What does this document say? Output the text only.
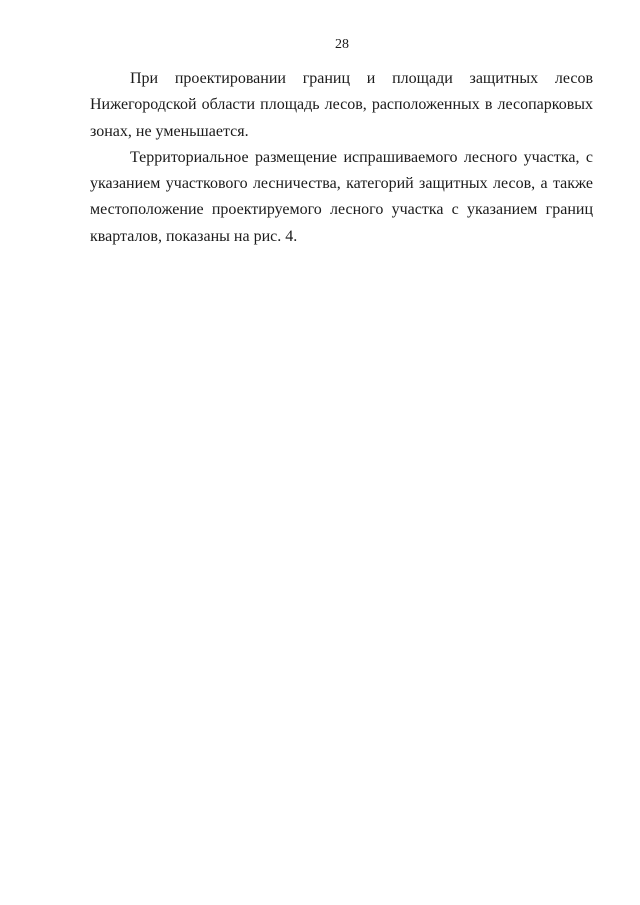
28

При проектировании границ и площади защитных лесов Нижегородской области площадь лесов, расположенных в лесопарковых зонах, не уменьшается.

Территориальное размещение испрашиваемого лесного участка, с указанием участкового лесничества, категорий защитных лесов, а также местоположение проектируемого лесного участка с указанием границ кварталов, показаны на рис. 4.
